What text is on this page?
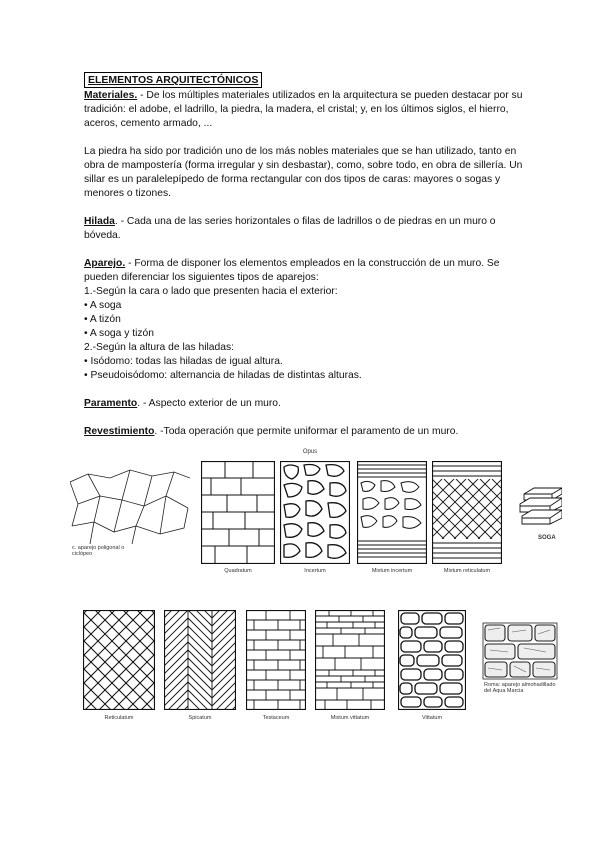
ELEMENTOS ARQUITECTÓNICOS

Materiales. - De los múltiples materiales utilizados en la arquitectura se pueden destacar por su tradición: el adobe, el ladrillo, la piedra, la madera, el cristal; y, en los últimos siglos, el hierro, aceros, cemento armado, ...

La piedra ha sido por tradición uno de los más nobles materiales que se han utilizado, tanto en obra de mampostería (forma irregular y sin desbastar), como, sobre todo, en obra de sillería. Un sillar es un paralelepípedo de forma rectangular con dos tipos de caras: mayores o sogas y menores o tizones.

Hilada. - Cada una de las series horizontales o filas de ladrillos o de piedras en un muro o bóveda.

Aparejo. - Forma de disponer los elementos empleados en la construcción de un muro. Se pueden diferenciar los siguientes tipos de aparejos:

1.-Según la cara o lado que presenten hacia el exterior:

• A soga

• A tizón

• A soga y tizón

2.-Según la altura de las hiladas:

• Isódomo: todas las hiladas de igual altura.

• Pseudoisódomo: alternancia de hiladas de distintas alturas.

Paramento. - Aspecto exterior de un muro.

Revestimiento. -Toda operación que permite uniformar el paramento de un muro.

Opus
c. aparejo poligonal o ciclópeo
Quadratum	Incertum	Mixtum incertum	Mixtum reticulatum
SOGA
Reticulatum	Spicatum	Testaceum	Mixtum vittatum	Vittatum
Roma: aparejo almohadillado del Aqua Marcia
